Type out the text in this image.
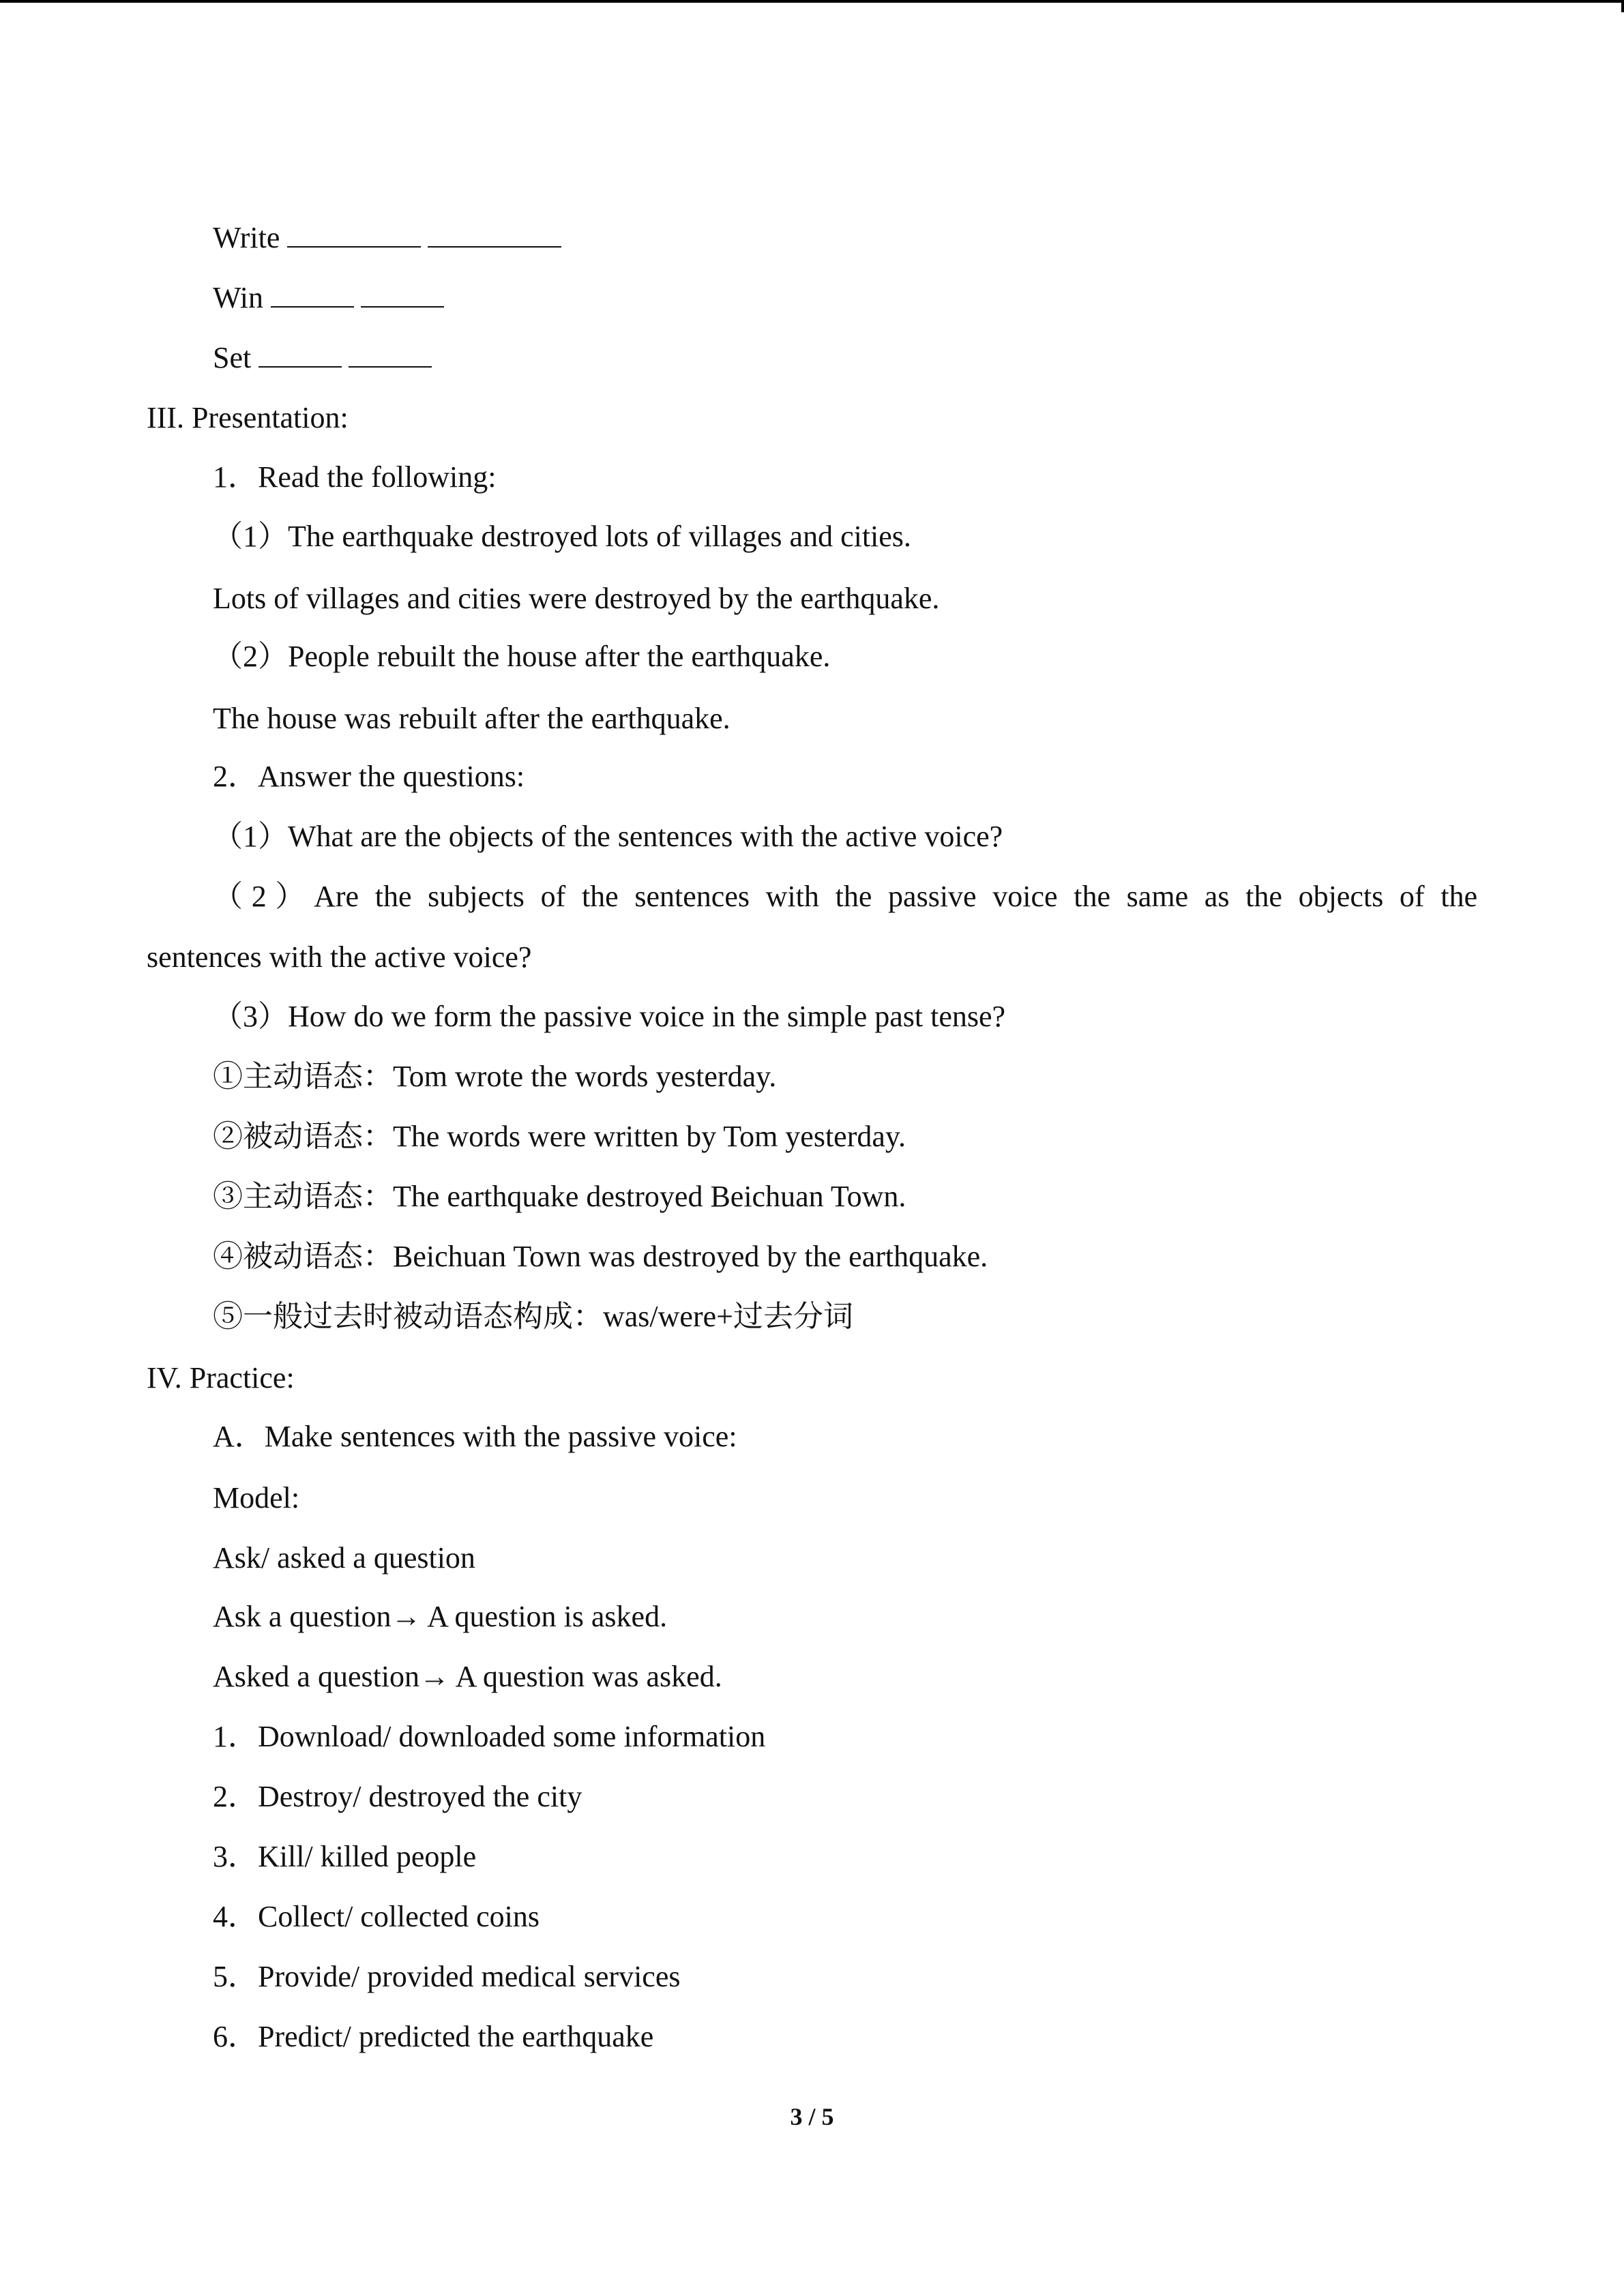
Write
Win
Set
III. Presentation:
1．Read the following:
（1）The earthquake destroyed lots of villages and cities.
Lots of villages and cities were destroyed by the earthquake.
（2）People rebuilt the house after the earthquake.
The house was rebuilt after the earthquake.
2．Answer the questions:
（1）What are the objects of the sentences with the active voice?
（2）Are the subjects of the sentences with the passive voice the same as the objects of the
sentences with the active voice?
（3）How do we form the passive voice in the simple past tense?
①主动语态：Tom wrote the words yesterday.
②被动语态：The words were written by Tom yesterday.
③主动语态：The earthquake destroyed Beichuan Town.
④被动语态：Beichuan Town was destroyed by the earthquake.
⑤一般过去时被动语态构成：was/were+过去分词
IV. Practice:
A．Make sentences with the passive voice:
Model:
Ask/ asked a question
Ask a question→ A question is asked.
Asked a question→ A question was asked.
1．Download/ downloaded some information
2．Destroy/ destroyed the city
3．Kill/ killed people
4．Collect/ collected coins
5．Provide/ provided medical services
6．Predict/ predicted the earthquake
3 / 5
